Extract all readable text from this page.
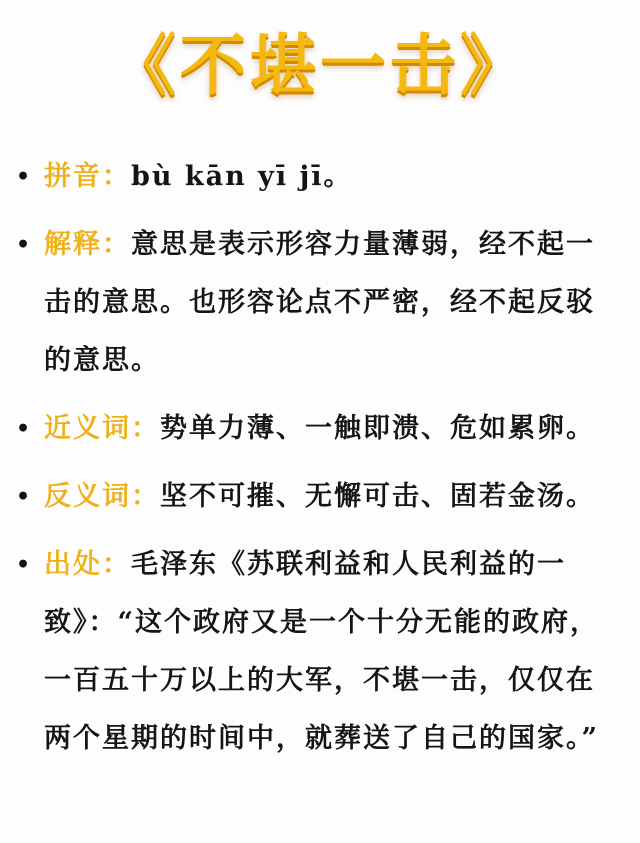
《不堪一击》
• 拼音：bù kān yī jī。
• 解释：意思是表示形容力量薄弱，经不起一击的意思。也形容论点不严密，经不起反驳的意思。
• 近义词：势单力薄、一触即溃、危如累卵。
• 反义词：坚不可摧、无懈可击、固若金汤。
• 出处：毛泽东《苏联利益和人民利益的一致》：“这个政府又是一个十分无能的政府，一百五十万以上的大军，不堪一击，仅仅在两个星期的时间中，就葬送了自己的国家。”
